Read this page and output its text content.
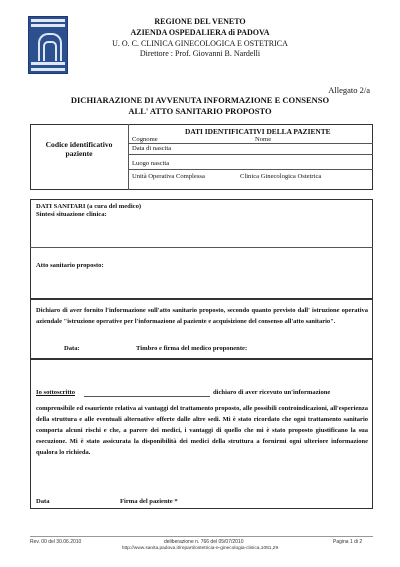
REGIONE DEL VENETO
AZIENDA OSPEDALIERA di PADOVA
U. O. C. CLINICA GINECOLOGICA E OSTETRICA
Direttore : Prof. Giovanni B. Nardelli
Allegato 2/a
DICHIARAZIONE DI AVVENUTA INFORMAZIONE E CONSENSO
ALL' ATTO SANITARIO PROPOSTO
DATI IDENTIFICATIVI DELLA PAZIENTE
Codice identificativo paziente
Cognome	Nome
Data di nascita
Luogo nascita
Unità Operativa Complessa	Clinica Ginecologica Ostetrica
DATI SANITARI (a cura del medico)
Sintesi situazione clinica:
Atto sanitario proposto:
Dichiaro di aver fornito l'informazione sull'atto sanitario proposto, secondo quanto previsto dall' istruzione operativa aziendale "istruzione operative per l'informazione al paziente e acquisizione del consenso all'atto sanitario".
Data:	Timbro e firma del medico proponente:
Io sottoscritto	dichiaro di aver ricevuto un'informazione
comprensibile ed esauriente relativa ai vantaggi del trattamento proposto, alle possibili controindicazioni, all'esperienza della struttura e alle eventuali alternative offerte dalle altre sedi. Mi è stato ricordato che ogni trattamento sanitario comporta alcuni rischi e che, a parere dei medici, i vantaggi di quello che mi è stato proposto giustificano la sua esecuzione. Mi è stato assicurata la disponibilità dei medici della struttura a fornirmi ogni ulteriore informazione qualora lo richieda.
Data	Firma del paziente *
Rev. 00 del 30.06.2010	deliberazione n. 766 del 05/07/2010	Pagina 1 di 2
http://www.sanita.padova.it/reparti/ostetricia-e-ginecologia-clinica,1081,29
